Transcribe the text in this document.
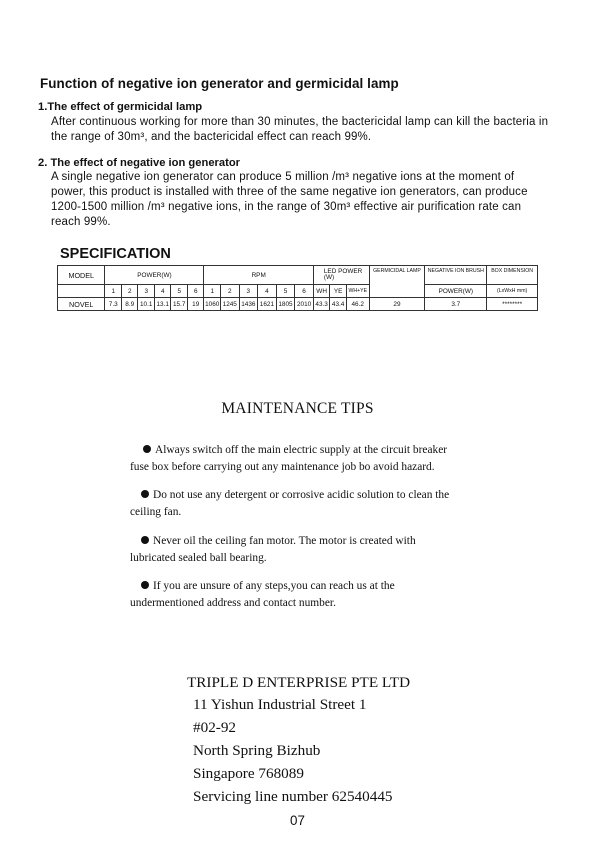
Function of negative ion generator and germicidal lamp
1.The effect of germicidal lamp
After continuous working for more than 30 minutes, the bactericidal lamp can kill the bacteria in the range of 30m³, and the bactericidal effect can reach 99%.
2. The effect of negative ion generator
A single negative ion generator can produce 5 million /m³ negative ions at the moment of power, this product is installed with three of the same negative ion generators, can produce 1200-1500 million /m³ negative ions, in the range of 30m³ effective air purification rate can reach 99%.
SPECIFICATION
MODEL	POWER(W)						RPM						LED POWER (W)			GERMICIDAL LAMP	NEGATIVE ION BRUSH	BOX DIMENSION
	1	2	3	4	5	6	1	2	3	4	5	6	WH	YE	WH+YE		POWER(W)	(LxWxH mm)
NOVEL	7.3	8.9	10.1	13.1	15.7	19	1060	1245	1436	1621	1805	2010	43.3	43.4	46.2	29	3.7	********
MAINTENANCE TIPS
Always switch off the main electric supply at the circuit breaker
fuse box before carrying out any maintenance job bo avoid hazard.
Do not use any detergent or corrosive acidic solution to clean the
ceiling fan.
Never oil the ceiling fan motor. The motor is created with
lubricated sealed ball bearing.
If you are unsure of any steps,you can reach us at the
undermentioned address and contact number.
TRIPLE D ENTERPRISE PTE LTD
11 Yishun Industrial Street 1
#02-92
North Spring Bizhub
Singapore 768089
Servicing line number 62540445
07
